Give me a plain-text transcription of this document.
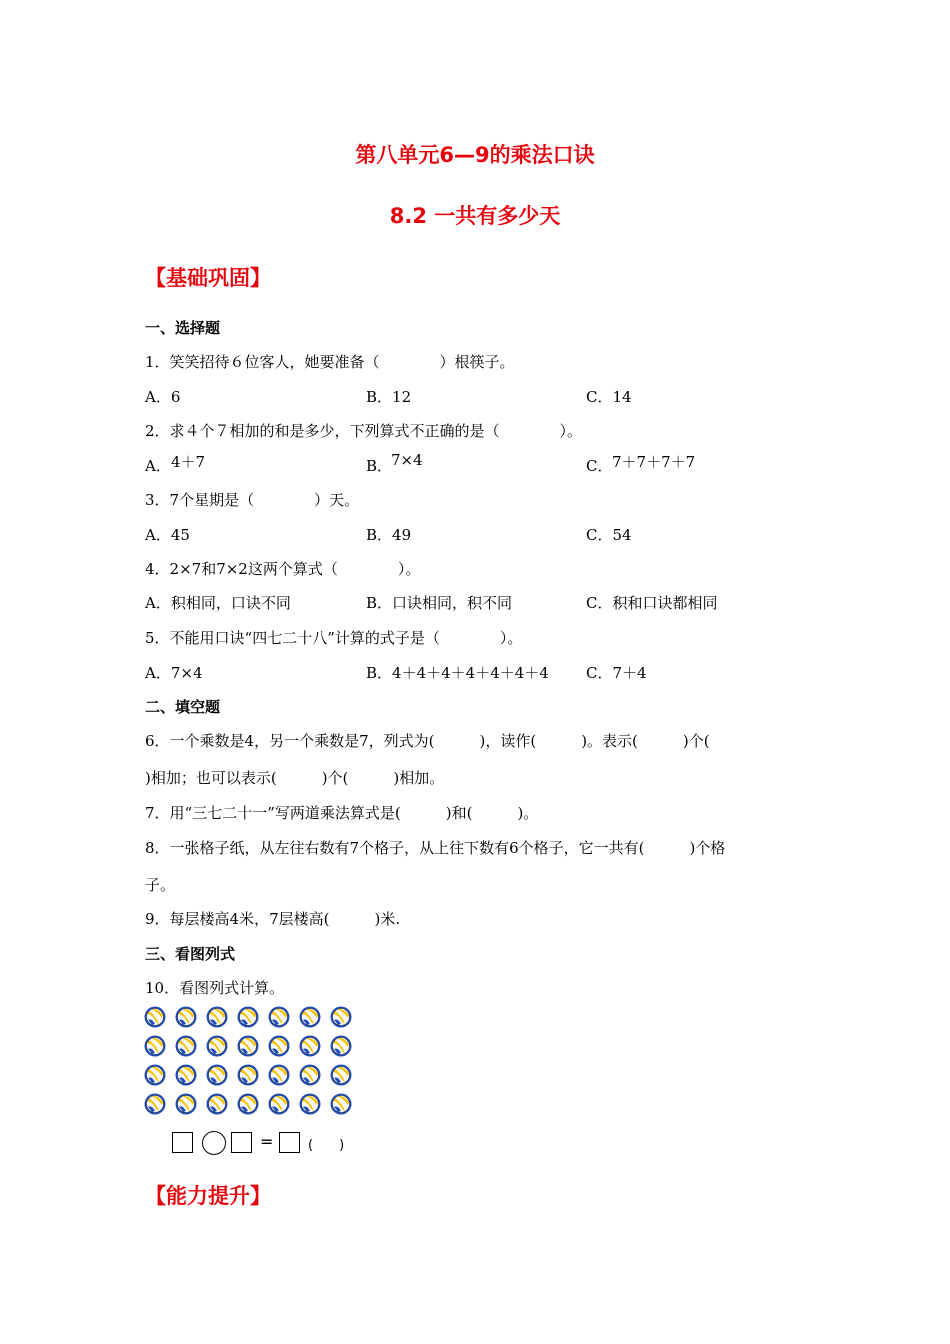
第八单元6—9的乘法口诀
8.2 一共有多少天
【基础巩固】
一、选择题
1．笑笑招待６位客人，她要准备（　　　　）根筷子。
A．6	B．12	C．14
2．求４个７相加的和是多少，下列算式不正确的是（　　　　）。
A． 4＋7	B．
7×4	C． 7＋7＋7＋7
3．7个星期是（　　　　）天。
A．45	B．49	C．54
4．2×7和7×2这两个算式（　　　　）。
A．积相同，口诀不同	B．口诀相同，积不同	C．积和口诀都相同
5．不能用口诀“四七二十八”计算的式子是（　　　　）。
A．7×4	B．4＋4＋4＋4＋4＋4＋4 C．7＋4
二、填空题
6．一个乘数是4，另一个乘数是7，列式为(　　　)，读作(　　　)。表示(　　　)个(
)相加；也可以表示(　　　)个(　　　)相加。
7．用“三七二十一”写两道乘法算式是(　　　)和(　　　)。
8．一张格子纸，从左往右数有7个格子，从上往下数有6个格子，它一共有(　　　)个格
子。
9．每层楼高4米，7层楼高(　　　)米.
三、看图列式
10．看图列式计算。
=	(　　)
【能力提升】
